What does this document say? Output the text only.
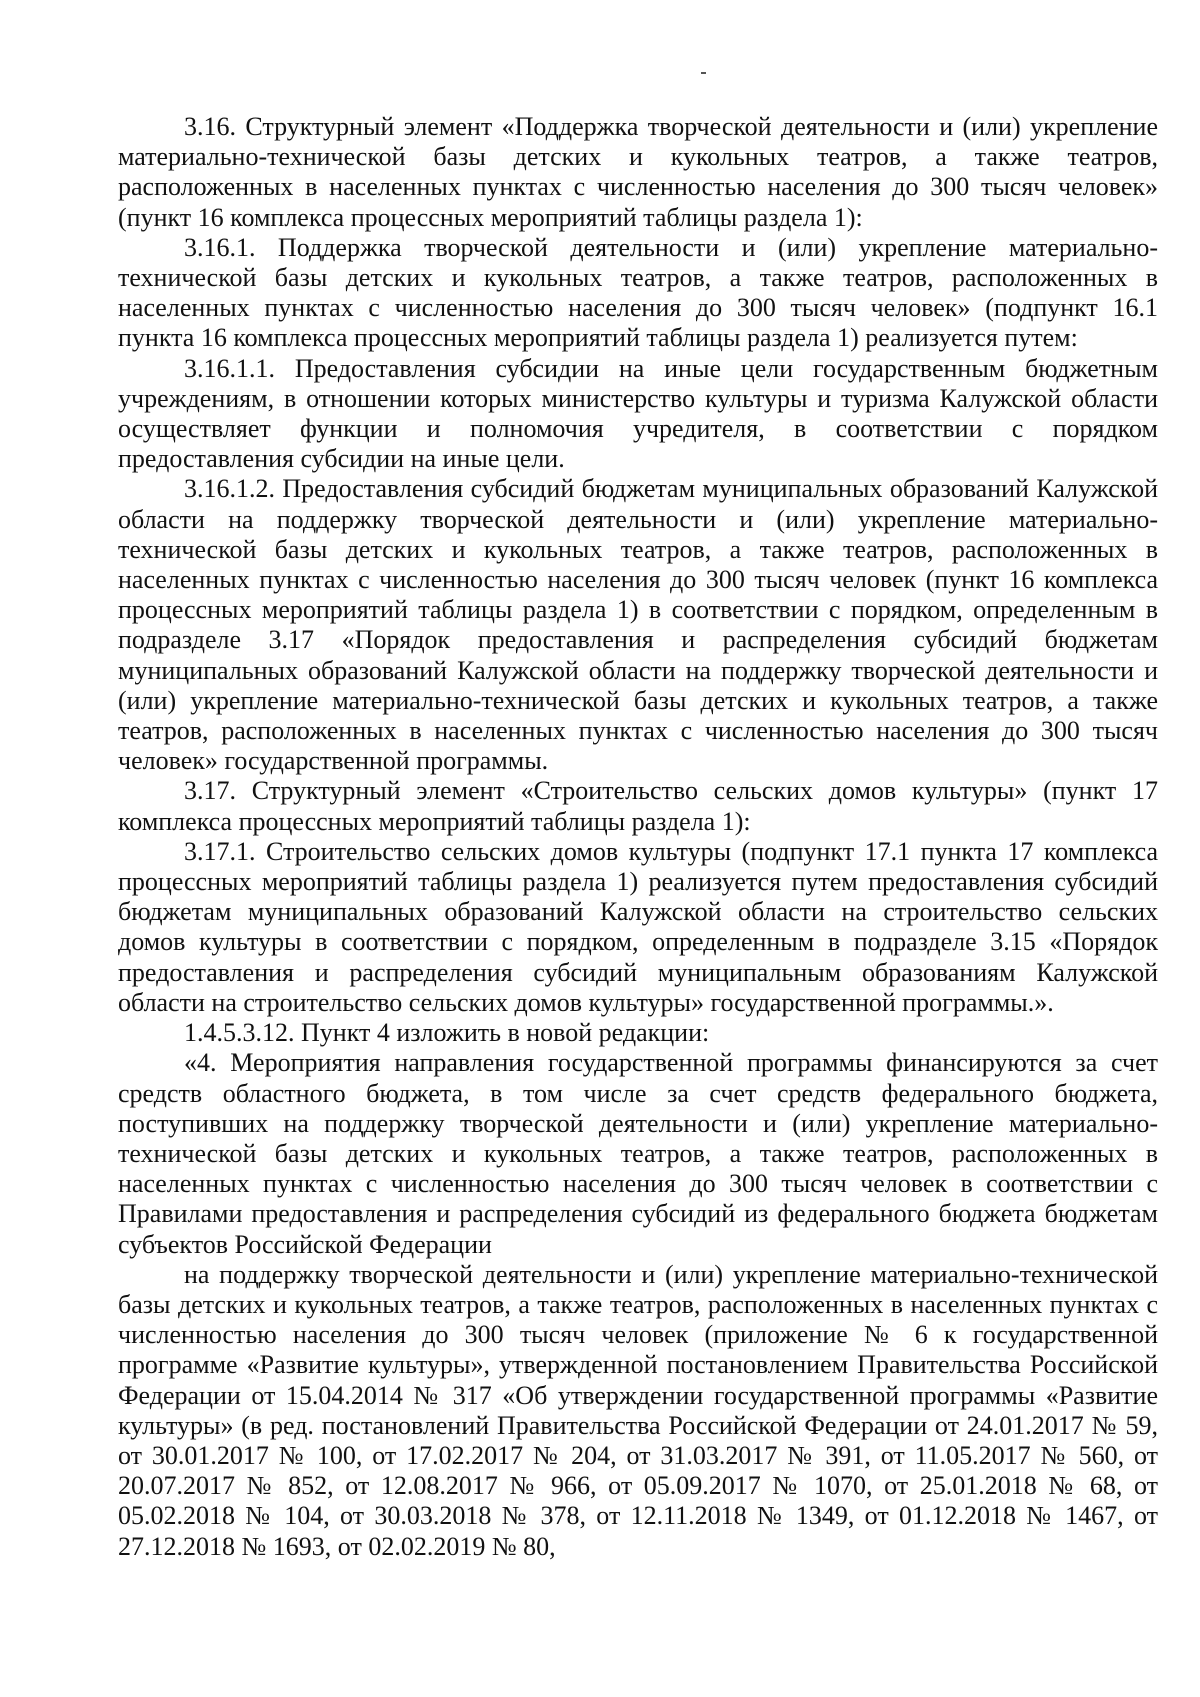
3.16. Структурный элемент «Поддержка творческой деятельности и (или) укрепление материально-технической базы детских и кукольных театров, а также театров, расположенных в населенных пунктах с численностью населения до 300 тысяч человек» (пункт 16 комплекса процессных мероприятий таблицы раздела 1):

3.16.1. Поддержка творческой деятельности и (или) укрепление материально-технической базы детских и кукольных театров, а также театров, расположенных в населенных пунктах с численностью населения до 300 тысяч человек» (подпункт 16.1 пункта 16 комплекса процессных мероприятий таблицы раздела 1) реализуется путем:

3.16.1.1. Предоставления субсидии на иные цели государственным бюджетным учреждениям, в отношении которых министерство культуры и туризма Калужской области осуществляет функции и полномочия учредителя, в соответствии с порядком предоставления субсидии на иные цели.

3.16.1.2. Предоставления субсидий бюджетам муниципальных образований Калужской области на поддержку творческой деятельности и (или) укрепление материально-технической базы детских и кукольных театров, а также театров, расположенных в населенных пунктах с численностью населения до 300 тысяч человек (пункт 16 комплекса процессных мероприятий таблицы раздела 1) в соответствии с порядком, определенным в подразделе 3.17 «Порядок предоставления и распределения субсидий бюджетам муниципальных образований Калужской области на поддержку творческой деятельности и (или) укрепление материально-технической базы детских и кукольных театров, а также театров, расположенных в населенных пунктах с численностью населения до 300 тысяч человек» государственной программы.

3.17. Структурный элемент «Строительство сельских домов культуры» (пункт 17 комплекса процессных мероприятий таблицы раздела 1):

3.17.1. Строительство сельских домов культуры (подпункт 17.1 пункта 17 комплекса процессных мероприятий таблицы раздела 1) реализуется путем предоставления субсидий бюджетам муниципальных образований Калужской области на строительство сельских домов культуры в соответствии с порядком, определенным в подразделе 3.15 «Порядок предоставления и распределения субсидий муниципальным образованиям Калужской области на строительство сельских домов культуры» государственной программы.».

1.4.5.3.12. Пункт 4 изложить в новой редакции:

«4. Мероприятия направления государственной программы финансируются за счет средств областного бюджета, в том числе за счет средств федерального бюджета, поступивших на поддержку творческой деятельности и (или) укрепление материально-технической базы детских и кукольных театров, а также театров, расположенных в населенных пунктах с численностью населения до 300 тысяч человек в соответствии с Правилами предоставления и распределения субсидий из федерального бюджета бюджетам субъектов Российской Федерации

на поддержку творческой деятельности и (или) укрепление материально-технической базы детских и кукольных театров, а также театров, расположенных в населенных пунктах с численностью населения до 300 тысяч человек (приложение № 6 к государственной программе «Развитие культуры», утвержденной постановлением Правительства Российской Федерации от 15.04.2014 № 317 «Об утверждении государственной программы «Развитие культуры» (в ред. постановлений Правительства Российской Федерации от 24.01.2017 № 59, от 30.01.2017 № 100, от 17.02.2017 № 204, от 31.03.2017 № 391, от 11.05.2017 № 560, от 20.07.2017 № 852, от 12.08.2017 № 966, от 05.09.2017 № 1070, от 25.01.2018 № 68, от 05.02.2018 № 104, от 30.03.2018 № 378, от 12.11.2018 № 1349, от 01.12.2018 № 1467, от 27.12.2018 № 1693, от 02.02.2019 № 80,
